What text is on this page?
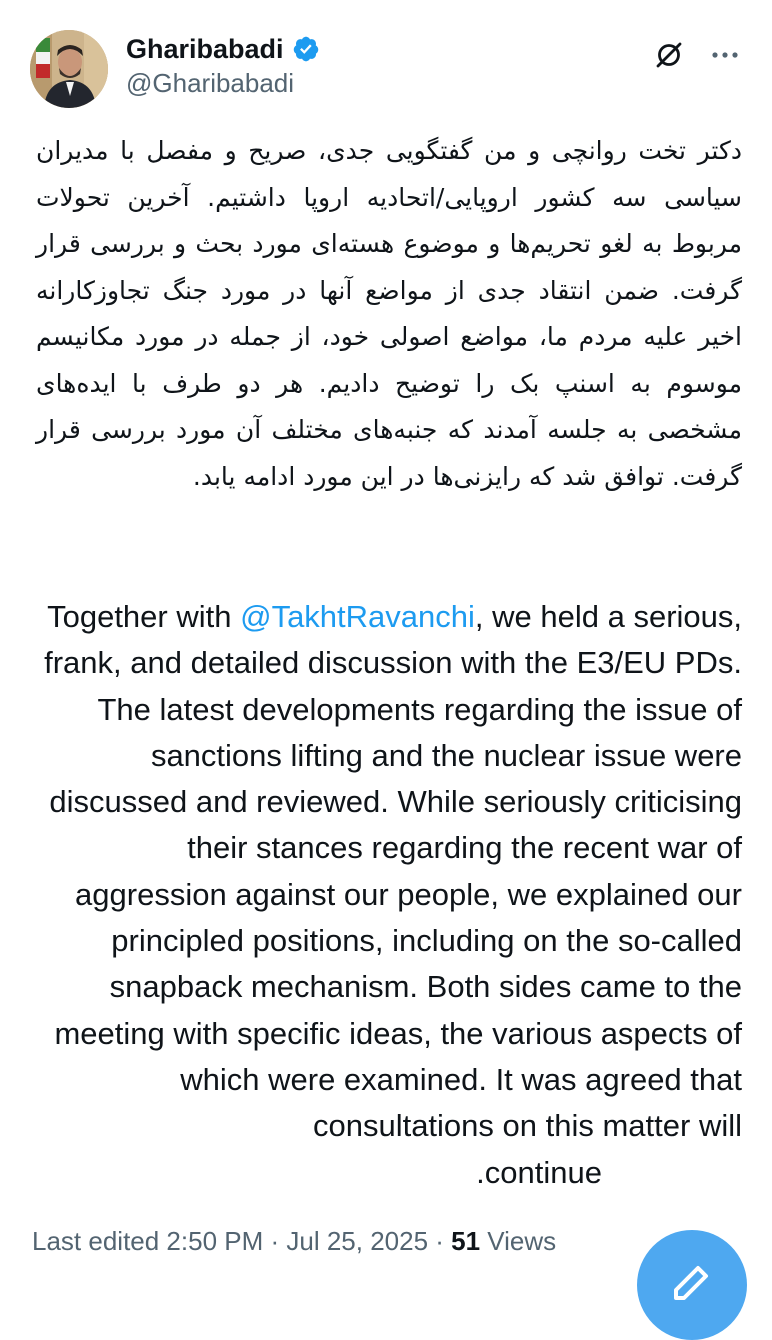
Gharibabadi
@Gharibabadi
دکتر تخت روانچی و من گفتگویی جدی، صریح و مفصل با مدیران سیاسی سه کشور اروپایی/اتحادیه اروپا داشتیم. آخرین تحولات مربوط به لغو تحریم‌ها و موضوع هسته‌ای مورد بحث و بررسی قرار گرفت. ضمن انتقاد جدی از مواضع آنها در مورد جنگ تجاوزکارانه اخیر علیه مردم ما، مواضع اصولی خود، از جمله در مورد مکانیسم موسوم به اسنپ بک را توضیح دادیم. هر دو طرف با ایده‌های مشخصی به جلسه آمدند که جنبه‌های مختلف آن مورد بررسی قرار گرفت. توافق شد که رایزنی‌ها در این مورد ادامه یابد.
Together with @TakhtRavanchi, we held a serious, frank, and detailed discussion with the E3/EU PDs. The latest developments regarding the issue of sanctions lifting and the nuclear issue were discussed and reviewed. While seriously criticising their stances regarding the recent war of aggression against our people, we explained our principled positions, including on the so-called snapback mechanism. Both sides came to the meeting with specific ideas, the various aspects of which were examined. It was agreed that consultations on this matter will
.continue
Last edited 2:50 PM · Jul 25, 2025 · 51 Views
